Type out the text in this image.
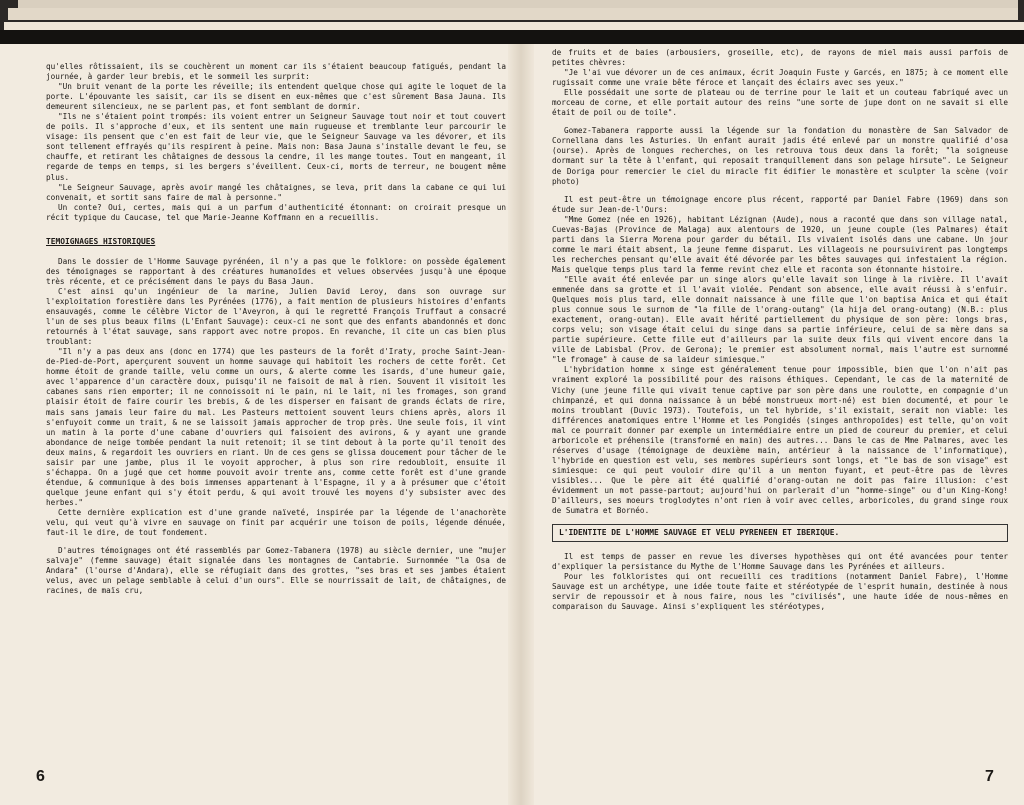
qu'elles rôtissaient, ils se couchèrent un moment car ils s'étaient beaucoup fatigués, pendant la journée, à garder leur brebis, et le sommeil les surprit:

"Un bruit venant de la porte les réveille; ils entendent quelque chose qui agite le loquet de la porte. L'épouvante les saisit, car ils se disent en eux-mêmes que c'est sûrement Basa Jauna. Ils demeurent silencieux, ne se parlent pas, et font semblant de dormir.

"Ils ne s'étaient point trompés: ils voient entrer un Seigneur Sauvage tout noir et tout couvert de poils. Il s'approche d'eux, et ils sentent une main rugueuse et tremblante leur parcourir le visage: ils pensent que c'en est fait de leur vie, que le Seigneur Sauvage va les dévorer, et ils sont tellement effrayés qu'ils respirent à peine. Mais non: Basa Jauna s'installe devant le feu, se chauffe, et retirant les châtaignes de dessous la cendre, il les mange toutes. Tout en mangeant, il regarde de temps en temps, si les bergers s'éveillent. Ceux-ci, morts de terreur, ne bougent même plus.

"Le Seigneur Sauvage, après avoir mangé les châtaignes, se leva, prit dans la cabane ce qui lui convenait, et sortit sans faire de mal à personne."

Un conte? Oui, certes, mais qui a un parfum d'authenticité étonnant: on croirait presque un récit typique du Caucase, tel que Marie-Jeanne Koffmann en a recueillis.

TEMOIGNAGES HISTORIQUES

Dans le dossier de l'Homme Sauvage pyrénéen, il n'y a pas que le folklore: on possède également des témoignages se rapportant à des créatures humanoïdes et velues observées jusqu'à une époque très récente, et ce précisément dans le pays du Basa Jaun.

C'est ainsi qu'un ingénieur de la marine, Julien David Leroy, dans son ouvrage sur l'exploitation forestière dans les Pyrénées (1776), a fait mention de plusieurs histoires d'enfants ensauvagés, comme le célèbre Victor de l'Aveyron, à qui le regretté François Truffaut a consacré l'un de ses plus beaux films (L'Enfant Sauvage): ceux-ci ne sont que des enfants abandonnés et donc retournés à l'état sauvage, sans rapport avec notre propos. En revanche, il cite un cas bien plus troublant:

"Il n'y a pas deux ans (donc en 1774) que les pasteurs de la forêt d'Iraty, proche Saint-Jean-de-Pied-de-Port, aperçurent souvent un homme sauvage qui habitoit les rochers de cette forêt. Cet homme étoit de grande taille, velu comme un ours, & alerte comme les isards, d'une humeur gaie, avec l'apparence d'un caractère doux, puisqu'il ne faisoit de mal à rien. Souvent il visitoit les cabanes sans rien emporter; il ne connoissoit ni le pain, ni le lait, ni les fromages, son grand plaisir étoit de faire courir les brebis, & de les disperser en faisant de grands éclats de rire, mais sans jamais leur faire du mal. Les Pasteurs mettoient souvent leurs chiens après, alors il s'enfuyoit comme un trait, & ne se laissoit jamais approcher de trop près. Une seule fois, il vint un matin à la porte d'une cabane d'ouvriers qui faisoient des avirons, & y ayant une grande abondance de neige tombée pendant la nuit retenoit; il se tint debout à la porte qu'il tenoit des deux mains, & regardoit les ouvriers en riant. Un de ces gens se glissa doucement pour tâcher de le saisir par une jambe, plus il le voyoit approcher, à plus son rire redoubloit, ensuite il s'échappa. On a jugé que cet homme pouvoit avoir trente ans, comme cette forêt est d'une grande étendue, & communique à des bois immenses appartenant à l'Espagne, il y a à présumer que c'étoit quelque jeune enfant qui s'y étoit perdu, & qui avoit trouvé les moyens d'y subsister avec des herbes."

Cette dernière explication est d'une grande naïveté, inspirée par la légende de l'anachorète velu, qui veut qu'à vivre en sauvage on finit par acquérir une toison de poils, légende dénuée, faut-il le dire, de tout fondement.

D'autres témoignages ont été rassemblés par Gomez-Tabanera (1978) au siècle dernier, une "mujer salvaje" (femme sauvage) était signalée dans les montagnes de Cantabrie. Surnommée "la Osa de Andara" (l'ourse d'Andara), elle se réfugiait dans des grottes, "ses bras et ses jambes étaient velus, avec un pelage semblable à celui d'un ours". Elle se nourrissait de lait, de châtaignes, de racines, de maïs cru,

6

de fruits et de baies (arbousiers, groseille, etc), de rayons de miel mais aussi parfois de petites chèvres:

"Je l'ai vue dévorer un de ces animaux, écrit Joaquin Fuste y Garcés, en 1875; à ce moment elle rugissait comme une vraie bête féroce et lançait des éclairs avec ses yeux."

Elle possédait une sorte de plateau ou de terrine pour le lait et un couteau fabriqué avec un morceau de corne, et elle portait autour des reins "une sorte de jupe dont on ne savait si elle était de poil ou de toile".

Gomez-Tabanera rapporte aussi la légende sur la fondation du monastère de San Salvador de Cornellana dans les Asturies. Un enfant aurait jadis été enlevé par un monstre qualifié d'osa (ourse). Après de longues recherches, on les retrouva tous deux dans la forêt; "la soigneuse dormant sur la tête à l'enfant, qui reposait tranquillement dans son pelage hirsute". Le Seigneur de Doriga pour remercier le ciel du miracle fit édifier le monastère et sculpter la scène (voir photo)

Il est peut-être un témoignage encore plus récent, rapporté par Daniel Fabre (1969) dans son étude sur Jean-de-l'Ours:

"Mme Gomez (née en 1926), habitant Lézignan (Aude), nous a raconté que dans son village natal, Cuevas-Bajas (Province de Malaga) aux alentours de 1920, un jeune couple (les Palmares) était parti dans la Sierra Morena pour garder du bétail. Ils vivaient isolés dans une cabane. Un jour comme le mari était absent, la jeune femme disparut. Les villageois ne poursuivirent pas longtemps les recherches pensant qu'elle avait été dévorée par les bêtes sauvages qui infestaient la région. Mais quelque temps plus tard la femme revint chez elle et raconta son étonnante histoire.

"Elle avait été enlevée par un singe alors qu'elle lavait son linge à la rivière. Il l'avait emmenée dans sa grotte et il l'avait violée. Pendant son absence, elle avait réussi à s'enfuir. Quelques mois plus tard, elle donnait naissance à une fille que l'on baptisa Anica et qui était plus connue sous le surnom de "la fille de l'orang-outang" (la hija del orang-outang) (N.B.: plus exactement, orang-outan). Elle avait hérité partiellement du physique de son père: longs bras, corps velu; son visage était celui du singe dans sa partie inférieure, celui de sa mère dans sa partie supérieure. Cette fille eut d'ailleurs par la suite deux fils qui vivent encore dans la ville de Labisbal (Prov. de Gerona); le premier est absolument normal, mais l'autre est surnommé "le fromage" à cause de sa laideur simiesque."

L'hybridation homme x singe est généralement tenue pour impossible, bien que l'on n'ait pas vraiment exploré la possibilité pour des raisons éthiques. Cependant, le cas de la maternité de Vichy (une jeune fille qui vivait tenue captive par son père dans une roulotte, en compagnie d'un chimpanzé, et qui donna naissance à un bébé monstrueux mort-né) est bien documenté, et pour le moins troublant (Duvic 1973). Toutefois, un tel hybride, s'il existait, serait non viable: les différences anatomiques entre l'Homme et les Pongidés (singes anthropoïdes) est telle, qu'on voit mal ce pourrait donner par exemple un intermédiaire entre un pied de coureur du premier, et celui arboricole et préhensile (transformé en main) des autres... Dans le cas de Mme Palmares, avec les réserves d'usage (témoignage de deuxième main, antérieur à la naissance de l'informatique), l'hybride en question est velu, ses membres supérieurs sont longs, et "le bas de son visage" est simiesque: ce qui peut vouloir dire qu'il a un menton fuyant, et peut-être pas de lèvres visibles... Que le père ait été qualifié d'orang-outan ne doit pas faire illusion: c'est évidemment un mot passe-partout; aujourd'hui on parlerait d'un "homme-singe" ou d'un King-Kong! D'ailleurs, ses moeurs troglodytes n'ont rien à voir avec celles, arboricoles, du grand singe roux de Sumatra et Bornéo.

L'IDENTITE DE L'HOMME SAUVAGE ET VELU PYRENEEN ET IBERIQUE.

Il est temps de passer en revue les diverses hypothèses qui ont été avancées pour tenter d'expliquer la persistance du Mythe de l'Homme Sauvage dans les Pyrénées et ailleurs.

Pour les folkloristes qui ont recueilli ces traditions (notamment Daniel Fabre), l'Homme Sauvage est un archétype, une idée toute faite et stéréotypée de l'esprit humain, destinée à nous servir de repoussoir et à nous faire, nous les "civilisés", une haute idée de nous-mêmes en comparaison du Sauvage. Ainsi s'expliquent les stéréotypes,

7
